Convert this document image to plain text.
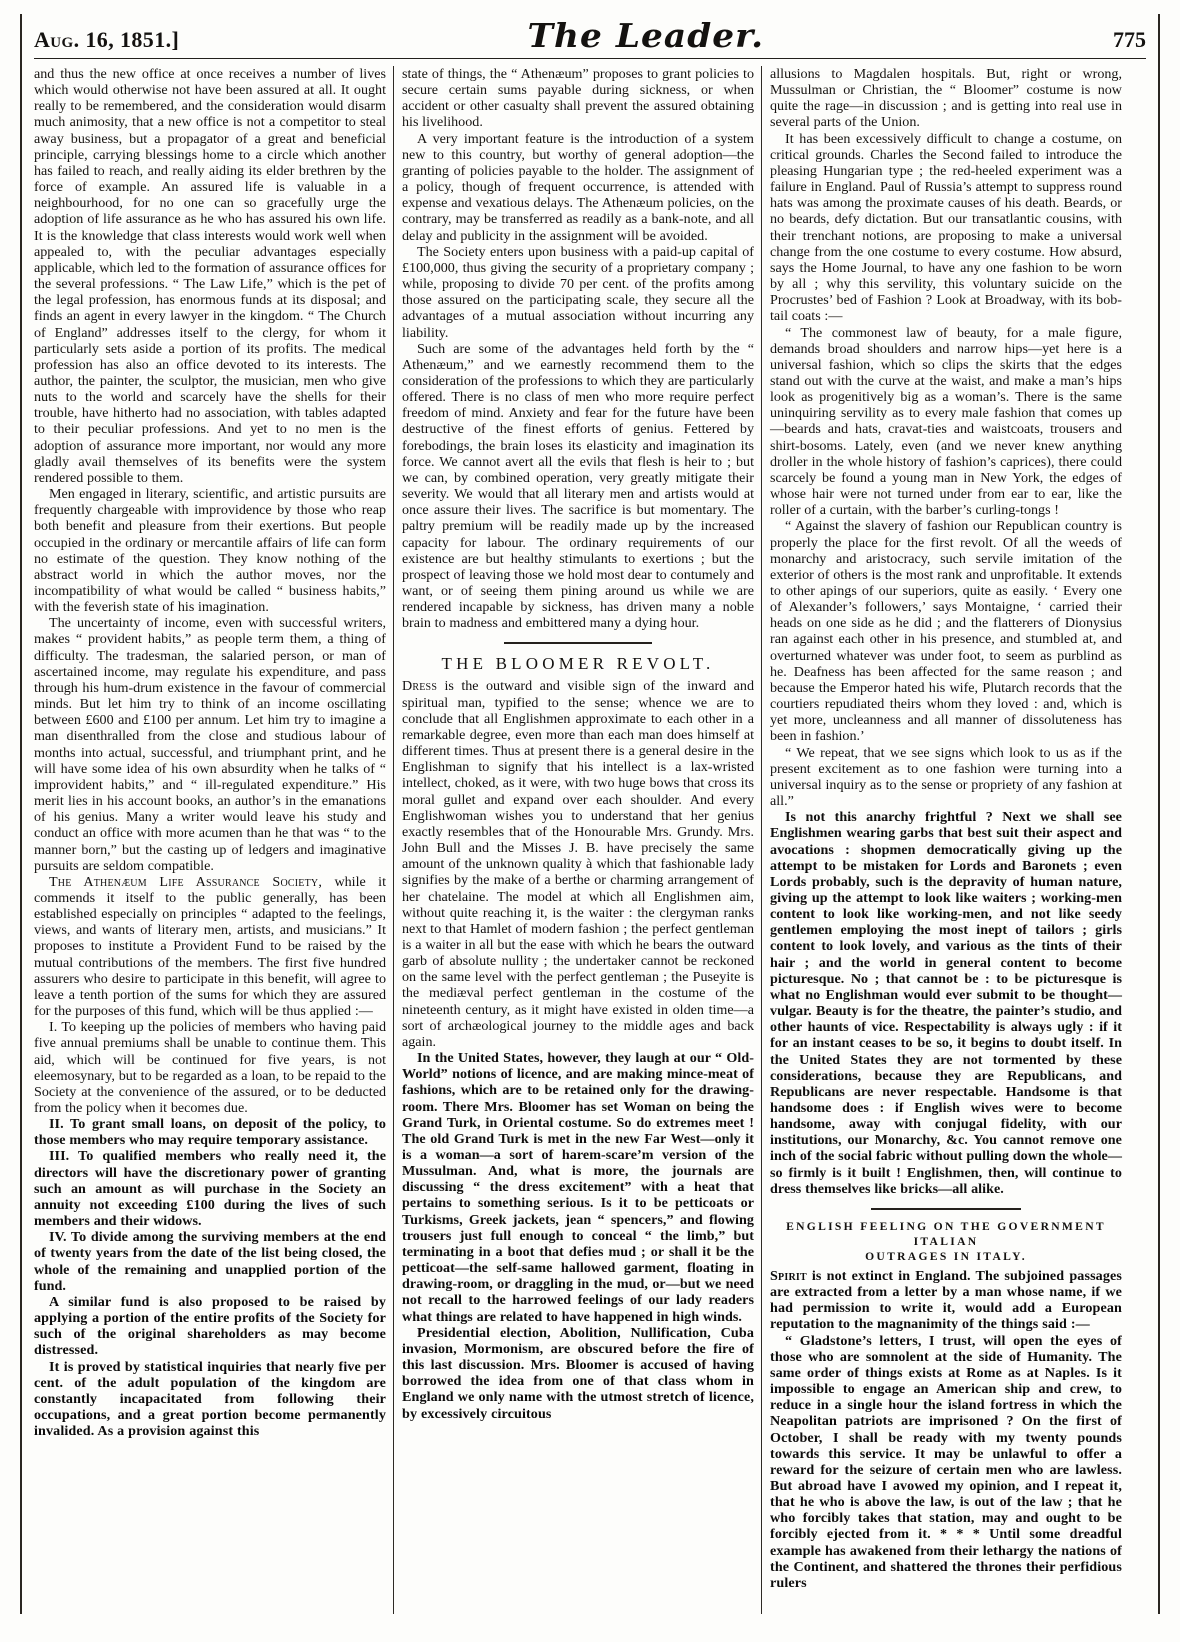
Aug. 16, 1851.]	The Leader.	775

and thus the new office at once receives a number of lives which would otherwise not have been assured at all. It ought really to be remembered, and the consideration would disarm much animosity, that a new office is not a competitor to steal away business, but a propagator of a great and beneficial principle, carrying blessings home to a circle which another has failed to reach, and really aiding its elder brethren by the force of example. An assured life is valuable in a neighbourhood, for no one can so gracefully urge the adoption of life assurance as he who has assured his own life. It is the knowledge that class interests would work well when appealed to, with the peculiar advantages especially applicable, which led to the formation of assurance offices for the several professions. “ The Law Life,” which is the pet of the legal profession, has enormous funds at its disposal; and finds an agent in every lawyer in the kingdom. “ The Church of England” addresses itself to the clergy, for whom it particularly sets aside a portion of its profits. The medical profession has also an office devoted to its interests. The author, the painter, the sculptor, the musician, men who give nuts to the world and scarcely have the shells for their trouble, have hitherto had no association, with tables adapted to their peculiar professions. And yet to no men is the adoption of assurance more important, nor would any more gladly avail themselves of its benefits were the system rendered possible to them.

Men engaged in literary, scientific, and artistic pursuits are frequently chargeable with improvidence by those who reap both benefit and pleasure from their exertions. But people occupied in the ordinary or mercantile affairs of life can form no estimate of the question. They know nothing of the abstract world in which the author moves, nor the incompatibility of what would be called “ business habits,” with the feverish state of his imagination.

The uncertainty of income, even with successful writers, makes “ provident habits,” as people term them, a thing of difficulty. The tradesman, the salaried person, or man of ascertained income, may regulate his expenditure, and pass through his hum-drum existence in the favour of commercial minds. But let him try to think of an income oscillating between £600 and £100 per annum. Let him try to imagine a man disenthralled from the close and studious labour of months into actual, successful, and triumphant print, and he will have some idea of his own absurdity when he talks of “ improvident habits,” and “ ill-regulated expenditure.” His merit lies in his account books, an author’s in the emanations of his genius. Many a writer would leave his study and conduct an office with more acumen than he that was “ to the manner born,” but the casting up of ledgers and imaginative pursuits are seldom compatible.

The Athenæum Life Assurance Society, while it commends it itself to the public generally, has been established especially on principles “ adapted to the feelings, views, and wants of literary men, artists, and musicians.” It proposes to institute a Provident Fund to be raised by the mutual contributions of the members. The first five hundred assurers who desire to participate in this benefit, will agree to leave a tenth portion of the sums for which they are assured for the purposes of this fund, which will be thus applied :—

I. To keeping up the policies of members who having paid five annual premiums shall be unable to continue them. This aid, which will be continued for five years, is not eleemosynary, but to be regarded as a loan, to be repaid to the Society at the convenience of the assured, or to be deducted from the policy when it becomes due.

II. To grant small loans, on deposit of the policy, to those members who may require temporary assistance.

III. To qualified members who really need it, the directors will have the discretionary power of granting such an amount as will purchase in the Society an annuity not exceeding £100 during the lives of such members and their widows.

IV. To divide among the surviving members at the end of twenty years from the date of the list being closed, the whole of the remaining and unapplied portion of the fund.

A similar fund is also proposed to be raised by applying a portion of the entire profits of the Society for such of the original shareholders as may become distressed.

It is proved by statistical inquiries that nearly five per cent. of the adult population of the kingdom are constantly incapacitated from following their occupations, and a great portion become permanently invalided. As a provision against this

state of things, the “ Athenæum” proposes to grant policies to secure certain sums payable during sickness, or when accident or other casualty shall prevent the assured obtaining his livelihood.

A very important feature is the introduction of a system new to this country, but worthy of general adoption—the granting of policies payable to the holder. The assignment of a policy, though of frequent occurrence, is attended with expense and vexatious delays. The Athenæum policies, on the contrary, may be transferred as readily as a bank-note, and all delay and publicity in the assignment will be avoided.

The Society enters upon business with a paid-up capital of £100,000, thus giving the security of a proprietary company ; while, proposing to divide 70 per cent. of the profits among those assured on the participating scale, they secure all the advantages of a mutual association without incurring any liability.

Such are some of the advantages held forth by the “ Athenæum,” and we earnestly recommend them to the consideration of the professions to which they are particularly offered. There is no class of men who more require perfect freedom of mind. Anxiety and fear for the future have been destructive of the finest efforts of genius. Fettered by forebodings, the brain loses its elasticity and imagination its force. We cannot avert all the evils that flesh is heir to ; but we can, by combined operation, very greatly mitigate their severity. We would that all literary men and artists would at once assure their lives. The sacrifice is but momentary. The paltry premium will be readily made up by the increased capacity for labour. The ordinary requirements of our existence are but healthy stimulants to exertions ; but the prospect of leaving those we hold most dear to contumely and want, or of seeing them pining around us while we are rendered incapable by sickness, has driven many a noble brain to madness and embittered many a dying hour.

THE BLOOMER REVOLT.

Dress is the outward and visible sign of the inward and spiritual man, typified to the sense; whence we are to conclude that all Englishmen approximate to each other in a remarkable degree, even more than each man does himself at different times. Thus at present there is a general desire in the Englishman to signify that his intellect is a lax-wristed intellect, choked, as it were, with two huge bows that cross its moral gullet and expand over each shoulder. And every Englishwoman wishes you to understand that her genius exactly resembles that of the Honourable Mrs. Grundy. Mrs. John Bull and the Misses J. B. have precisely the same amount of the unknown quality à which that fashionable lady signifies by the make of a berthe or charming arrangement of her chatelaine. The model at which all Englishmen aim, without quite reaching it, is the waiter : the clergyman ranks next to that Hamlet of modern fashion ; the perfect gentleman is a waiter in all but the ease with which he bears the outward garb of absolute nullity ; the undertaker cannot be reckoned on the same level with the perfect gentleman ; the Puseyite is the mediæval perfect gentleman in the costume of the nineteenth century, as it might have existed in olden time—a sort of archæological journey to the middle ages and back again.

In the United States, however, they laugh at our “ Old-World” notions of licence, and are making mince-meat of fashions, which are to be retained only for the drawing-room. There Mrs. Bloomer has set Woman on being the Grand Turk, in Oriental costume. So do extremes meet ! The old Grand Turk is met in the new Far West—only it is a woman—a sort of harem-scare’m version of the Mussulman. And, what is more, the journals are discussing “ the dress excitement” with a heat that pertains to something serious. Is it to be petticoats or Turkisms, Greek jackets, jean “ spencers,” and flowing trousers just full enough to conceal “ the limb,” but terminating in a boot that defies mud ; or shall it be the petticoat—the self-same hallowed garment, floating in drawing-room, or draggling in the mud, or—but we need not recall to the harrowed feelings of our lady readers what things are related to have happened in high winds.

Presidential election, Abolition, Nullification, Cuba invasion, Mormonism, are obscured before the fire of this last discussion. Mrs. Bloomer is accused of having borrowed the idea from one of that class whom in England we only name with the utmost stretch of licence, by excessively circuitous

allusions to Magdalen hospitals. But, right or wrong, Mussulman or Christian, the “ Bloomer” costume is now quite the rage—in discussion ; and is getting into real use in several parts of the Union.

It has been excessively difficult to change a costume, on critical grounds. Charles the Second failed to introduce the pleasing Hungarian type ; the red-heeled experiment was a failure in England. Paul of Russia’s attempt to suppress round hats was among the proximate causes of his death. Beards, or no beards, defy dictation. But our transatlantic cousins, with their trenchant notions, are proposing to make a universal change from the one costume to every costume. How absurd, says the Home Journal, to have any one fashion to be worn by all ; why this servility, this voluntary suicide on the Procrustes’ bed of Fashion ? Look at Broadway, with its bob-tail coats :—

“ The commonest law of beauty, for a male figure, demands broad shoulders and narrow hips—yet here is a universal fashion, which so clips the skirts that the edges stand out with the curve at the waist, and make a man’s hips look as progenitively big as a woman’s. There is the same uninquiring servility as to every male fashion that comes up—beards and hats, cravat-ties and waistcoats, trousers and shirt-bosoms. Lately, even (and we never knew anything droller in the whole history of fashion’s caprices), there could scarcely be found a young man in New York, the edges of whose hair were not turned under from ear to ear, like the roller of a curtain, with the barber’s curling-tongs !

“ Against the slavery of fashion our Republican country is properly the place for the first revolt. Of all the weeds of monarchy and aristocracy, such servile imitation of the exterior of others is the most rank and unprofitable. It extends to other apings of our superiors, quite as easily. ‘ Every one of Alexander’s followers,’ says Montaigne, ‘ carried their heads on one side as he did ; and the flatterers of Dionysius ran against each other in his presence, and stumbled at, and overturned whatever was under foot, to seem as purblind as he. Deafness has been affected for the same reason ; and because the Emperor hated his wife, Plutarch records that the courtiers repudiated theirs whom they loved : and, which is yet more, uncleanness and all manner of dissoluteness has been in fashion.’

“ We repeat, that we see signs which look to us as if the present excitement as to one fashion were turning into a universal inquiry as to the sense or propriety of any fashion at all.”

Is not this anarchy frightful ? Next we shall see Englishmen wearing garbs that best suit their aspect and avocations : shopmen democratically giving up the attempt to be mistaken for Lords and Baronets ; even Lords probably, such is the depravity of human nature, giving up the attempt to look like waiters ; working-men content to look like working-men, and not like seedy gentlemen employing the most inept of tailors ; girls content to look lovely, and various as the tints of their hair ; and the world in general content to become picturesque. No ; that cannot be : to be picturesque is what no Englishman would ever submit to be thought—vulgar. Beauty is for the theatre, the painter’s studio, and other haunts of vice. Respectability is always ugly : if it for an instant ceases to be so, it begins to doubt itself. In the United States they are not tormented by these considerations, because they are Republicans, and Republicans are never respectable. Handsome is that handsome does : if English wives were to become handsome, away with conjugal fidelity, with our institutions, our Monarchy, &c. You cannot remove one inch of the social fabric without pulling down the whole—so firmly is it built ! Englishmen, then, will continue to dress themselves like bricks—all alike.

ENGLISH FEELING ON THE GOVERNMENT ITALIAN
OUTRAGES IN ITALY.

Spirit is not extinct in England. The subjoined passages are extracted from a letter by a man whose name, if we had permission to write it, would add a European reputation to the magnanimity of the things said :—

“ Gladstone’s letters, I trust, will open the eyes of those who are somnolent at the side of Humanity. The same order of things exists at Rome as at Naples. Is it impossible to engage an American ship and crew, to reduce in a single hour the island fortress in which the Neapolitan patriots are imprisoned ? On the first of October, I shall be ready with my twenty pounds towards this service. It may be unlawful to offer a reward for the seizure of certain men who are lawless. But abroad have I avowed my opinion, and I repeat it, that he who is above the law, is out of the law ; that he who forcibly takes that station, may and ought to be forcibly ejected from it. * * * Until some dreadful example has awakened from their lethargy the nations of the Continent, and shattered the thrones their perfidious rulers
